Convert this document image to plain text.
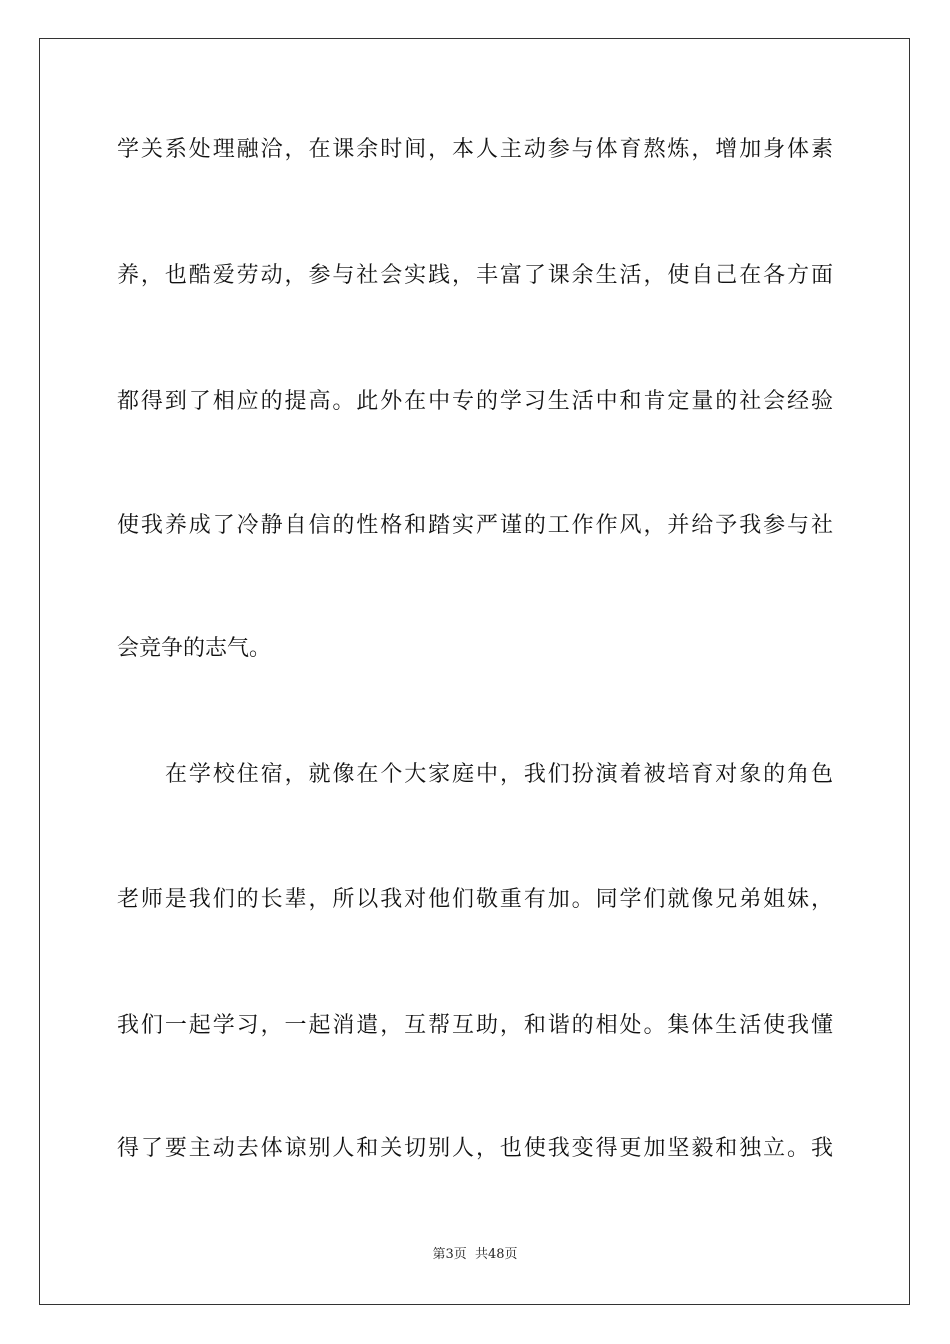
学关系处理融洽，在课余时间，本人主动参与体育熬炼，增加身体素
养，也酷爱劳动，参与社会实践，丰富了课余生活，使自己在各方面
都得到了相应的提高。此外在中专的学习生活中和肯定量的社会经验
使我养成了冷静自信的性格和踏实严谨的工作作风，并给予我参与社
会竞争的志气。
在学校住宿，就像在个大家庭中，我们扮演着被培育对象的角色
老师是我们的长辈，所以我对他们敬重有加。同学们就像兄弟姐妹，
我们一起学习，一起消遣，互帮互助，和谐的相处。集体生活使我懂
得了要主动去体谅别人和关切别人，也使我变得更加坚毅和独立。我
第3页 共48页
